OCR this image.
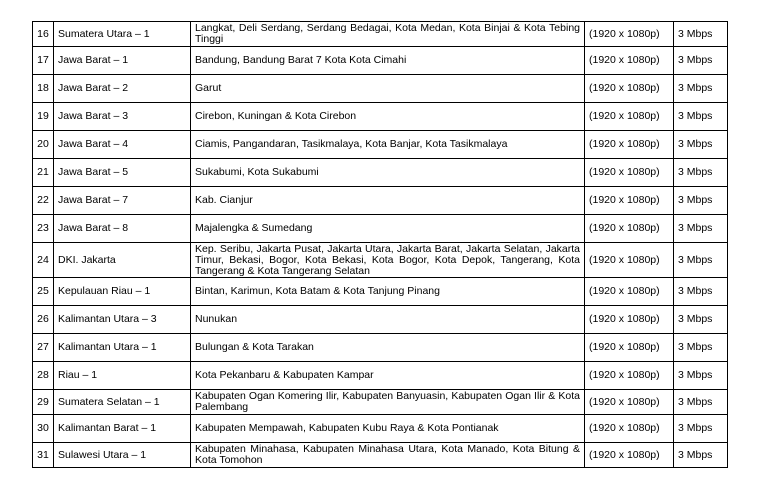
16	Sumatera Utara – 1	Langkat, Deli Serdang, Serdang Bedagai, Kota Medan, Kota Binjai & Kota Tebing Tinggi	(1920 x 1080p)	3 Mbps
17	Jawa Barat – 1	Bandung, Bandung Barat 7 Kota Kota Cimahi	(1920 x 1080p)	3 Mbps
18	Jawa Barat – 2	Garut	(1920 x 1080p)	3 Mbps
19	Jawa Barat – 3	Cirebon, Kuningan & Kota Cirebon	(1920 x 1080p)	3 Mbps
20	Jawa Barat – 4	Ciamis, Pangandaran, Tasikmalaya, Kota Banjar, Kota Tasikmalaya	(1920 x 1080p)	3 Mbps
21	Jawa Barat – 5	Sukabumi, Kota Sukabumi	(1920 x 1080p)	3 Mbps
22	Jawa Barat – 7	Kab. Cianjur	(1920 x 1080p)	3 Mbps
23	Jawa Barat – 8	Majalengka & Sumedang	(1920 x 1080p)	3 Mbps
24	DKI. Jakarta	Kep. Seribu, Jakarta Pusat, Jakarta Utara, Jakarta Barat, Jakarta Selatan, Jakarta Timur, Bekasi, Bogor, Kota Bekasi, Kota Bogor, Kota Depok, Tangerang, Kota Tangerang & Kota Tangerang Selatan	(1920 x 1080p)	3 Mbps
25	Kepulauan Riau – 1	Bintan, Karimun, Kota Batam & Kota Tanjung Pinang	(1920 x 1080p)	3 Mbps
26	Kalimantan Utara – 3	Nunukan	(1920 x 1080p)	3 Mbps
27	Kalimantan Utara – 1	Bulungan & Kota Tarakan	(1920 x 1080p)	3 Mbps
28	Riau – 1	Kota Pekanbaru & Kabupaten Kampar	(1920 x 1080p)	3 Mbps
29	Sumatera Selatan – 1	Kabupaten Ogan Komering Ilir, Kabupaten Banyuasin, Kabupaten Ogan Ilir & Kota Palembang	(1920 x 1080p)	3 Mbps
30	Kalimantan Barat – 1	Kabupaten Mempawah, Kabupaten Kubu Raya & Kota Pontianak	(1920 x 1080p)	3 Mbps
31	Sulawesi Utara – 1	Kabupaten Minahasa, Kabupaten Minahasa Utara, Kota Manado, Kota Bitung & Kota Tomohon	(1920 x 1080p)	3 Mbps
